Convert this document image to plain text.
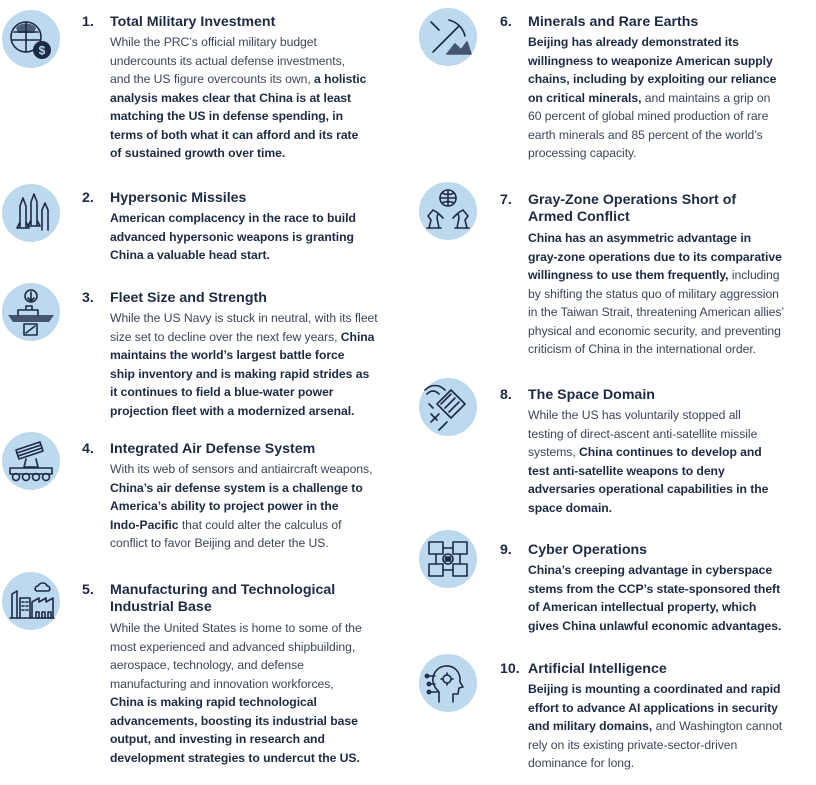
$
1. Total Military Investment
While the PRC’s official military budget
undercounts its actual defense investments,
and the US figure overcounts its own, a holistic
analysis makes clear that China is at least
matching the US in defense spending, in
terms of both what it can afford and its rate
of sustained growth over time.
2. Hypersonic Missiles
American complacency in the race to build
advanced hypersonic weapons is granting
China a valuable head start.
3. Fleet Size and Strength
While the US Navy is stuck in neutral, with its fleet
size set to decline over the next few years, China
maintains the world’s largest battle force
ship inventory and is making rapid strides as
it continues to field a blue-water power
projection fleet with a modernized arsenal.
4. Integrated Air Defense System
With its web of sensors and antiaircraft weapons,
China’s air defense system is a challenge to
America’s ability to project power in the
Indo-Pacific that could alter the calculus of
conflict to favor Beijing and deter the US.
5. Manufacturing and Technological
Industrial Base
While the United States is home to some of the
most experienced and advanced shipbuilding,
aerospace, technology, and defense
manufacturing and innovation workforces,
China is making rapid technological
advancements, boosting its industrial base
output, and investing in research and
development strategies to undercut the US.
6. Minerals and Rare Earths
Beijing has already demonstrated its
willingness to weaponize American supply
chains, including by exploiting our reliance
on critical minerals, and maintains a grip on
60 percent of global mined production of rare
earth minerals and 85 percent of the world’s
processing capacity.
7. Gray-Zone Operations Short of
Armed Conflict
China has an asymmetric advantage in
gray-zone operations due to its comparative
willingness to use them frequently, including
by shifting the status quo of military aggression
in the Taiwan Strait, threatening American allies’
physical and economic security, and preventing
criticism of China in the international order.
8. The Space Domain
While the US has voluntarily stopped all
testing of direct-ascent anti-satellite missile
systems, China continues to develop and
test anti-satellite weapons to deny
adversaries operational capabilities in the
space domain.
9. Cyber Operations
China’s creeping advantage in cyberspace
stems from the CCP’s state-sponsored theft
of American intellectual property, which
gives China unlawful economic advantages.
10. Artificial Intelligence
Beijing is mounting a coordinated and rapid
effort to advance AI applications in security
and military domains, and Washington cannot
rely on its existing private-sector-driven
dominance for long.
